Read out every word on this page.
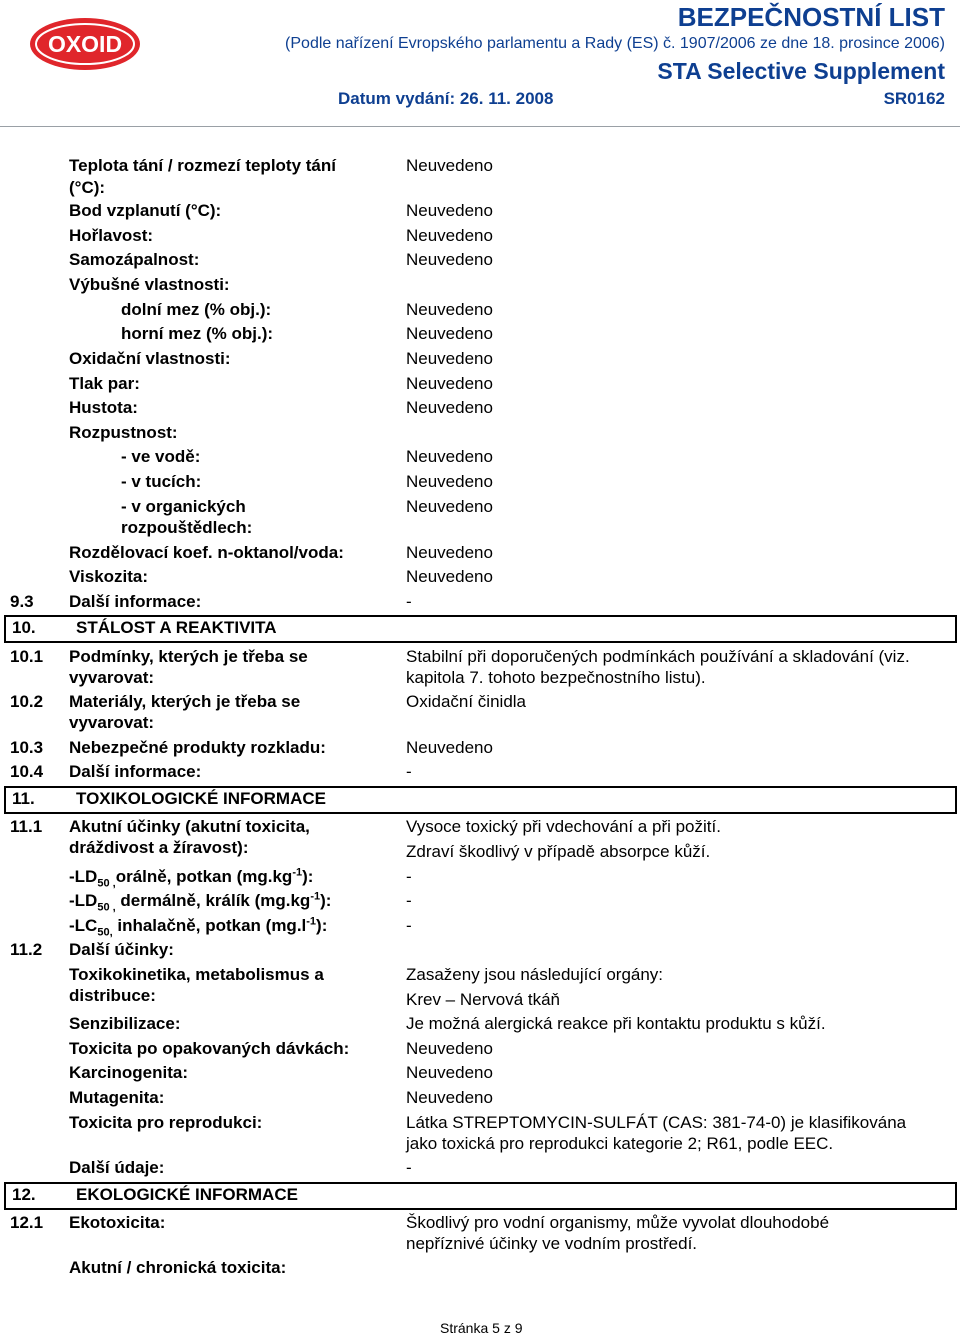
OXOID
BEZPEČNOSTNÍ LIST
(Podle nařízení Evropského parlamentu a Rady (ES) č. 1907/2006 ze dne 18. prosince 2006)
STA Selective Supplement
Datum vydání: 26. 11. 2008	SR0162
Teplota tání / rozmezí teploty tání
(°C):
Neuvedeno
Bod vzplanutí (°C):	Neuvedeno
Hořlavost:	Neuvedeno
Samozápalnost:	Neuvedeno
Výbušné vlastnosti:
dolní mez (% obj.):	Neuvedeno
horní mez (% obj.):	Neuvedeno
Oxidační vlastnosti:	Neuvedeno
Tlak par:	Neuvedeno
Hustota:	Neuvedeno
Rozpustnost:
- ve vodě:	Neuvedeno
- v tucích:	Neuvedeno
- v organických
rozpouštědlech:
Neuvedeno
Rozdělovací koef. n-oktanol/voda:	Neuvedeno
Viskozita:	Neuvedeno
9.3 Další informace:	-
10. STÁLOST A REAKTIVITA
10.1 Podmínky, kterých je třeba se
vyvarovat:
Stabilní při doporučených podmínkách používání a skladování (viz.
kapitola 7. tohoto bezpečnostního listu).
10.2 Materiály, kterých je třeba se
vyvarovat:
Oxidační činidla
10.3 Nebezpečné produkty rozkladu:	Neuvedeno
10.4 Další informace:	-
11. TOXIKOLOGICKÉ INFORMACE
11.1 Akutní účinky (akutní toxicita,
dráždivost a žíravost):
Vysoce toxický při vdechování a při požití.
Zdraví škodlivý v případě absorpce kůží.
$-LD_{50 ,}orá\ln ě$, potkan $(mg.kg^{-1})$:	-
$-LD_{50 ,}$ dermálně, králík $(mg.kg^{-1})$:	-
$-LC_{50,}$ inhalačně, potkan $(mg.l^{-1})$:	-
11.2 Další účinky:
Toxikokinetika, metabolismus a
distribuce:
Zasaženy jsou následující orgány:
Krev – Nervová tkáň
Senzibilizace:	Je možná alergická reakce při kontaktu produktu s kůží.
Toxicita po opakovaných dávkách:	Neuvedeno
Karcinogenita:	Neuvedeno
Mutagenita:	Neuvedeno
Toxicita pro reprodukci:	Látka STREPTOMYCIN-SULFÁT (CAS: 381-74-0) je klasifikována
jako toxická pro reprodukci kategorie 2; R61, podle EEC.
Další údaje:	-
12. EKOLOGICKÉ INFORMACE
12.1 Ekotoxicita:	Škodlivý pro vodní organismy, může vyvolat dlouhodobé
nepříznivé účinky ve vodním prostředí.
Akutní / chronická toxicita:
Stránka 5 z 9
